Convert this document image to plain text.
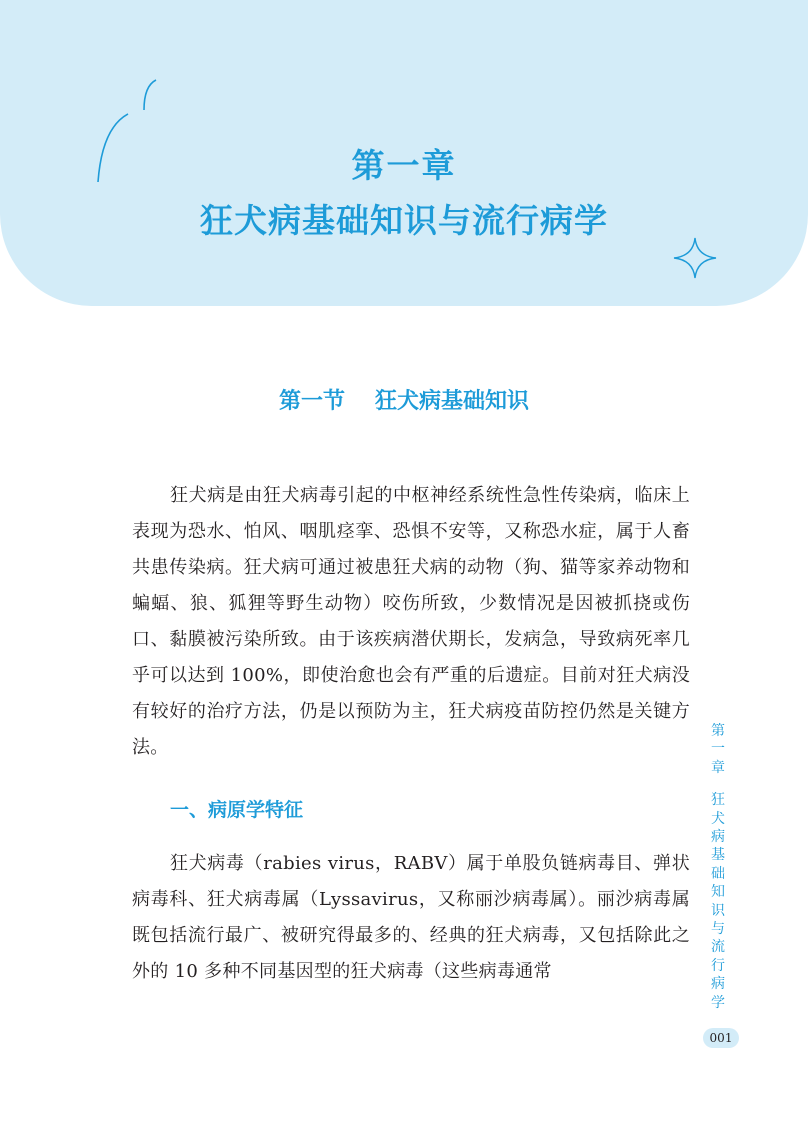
第一章
狂犬病基础知识与流行病学
第一节 狂犬病基础知识

狂犬病是由狂犬病毒引起的中枢神经系统性急性传染病，临床上表现为恐水、怕风、咽肌痉挛、恐惧不安等，又称恐水症，属于人畜共患传染病。狂犬病可通过被患狂犬病的动物（狗、猫等家养动物和蝙蝠、狼、狐狸等野生动物）咬伤所致，少数情况是因被抓挠或伤口、黏膜被污染所致。由于该疾病潜伏期长，发病急，导致病死率几乎可以达到 100%，即使治愈也会有严重的后遗症。目前对狂犬病没有较好的治疗方法，仍是以预防为主，狂犬病疫苗防控仍然是关键方法。

一、病原学特征

狂犬病毒（rabies virus，RABV）属于单股负链病毒目、弹状病毒科、狂犬病毒属（Lyssavirus，又称丽沙病毒属）。丽沙病毒属既包括流行最广、被研究得最多的、经典的狂犬病毒，又包括除此之外的 10 多种不同基因型的狂犬病毒（这些病毒通常

第一章
狂犬病基础知识与流行病学
001
